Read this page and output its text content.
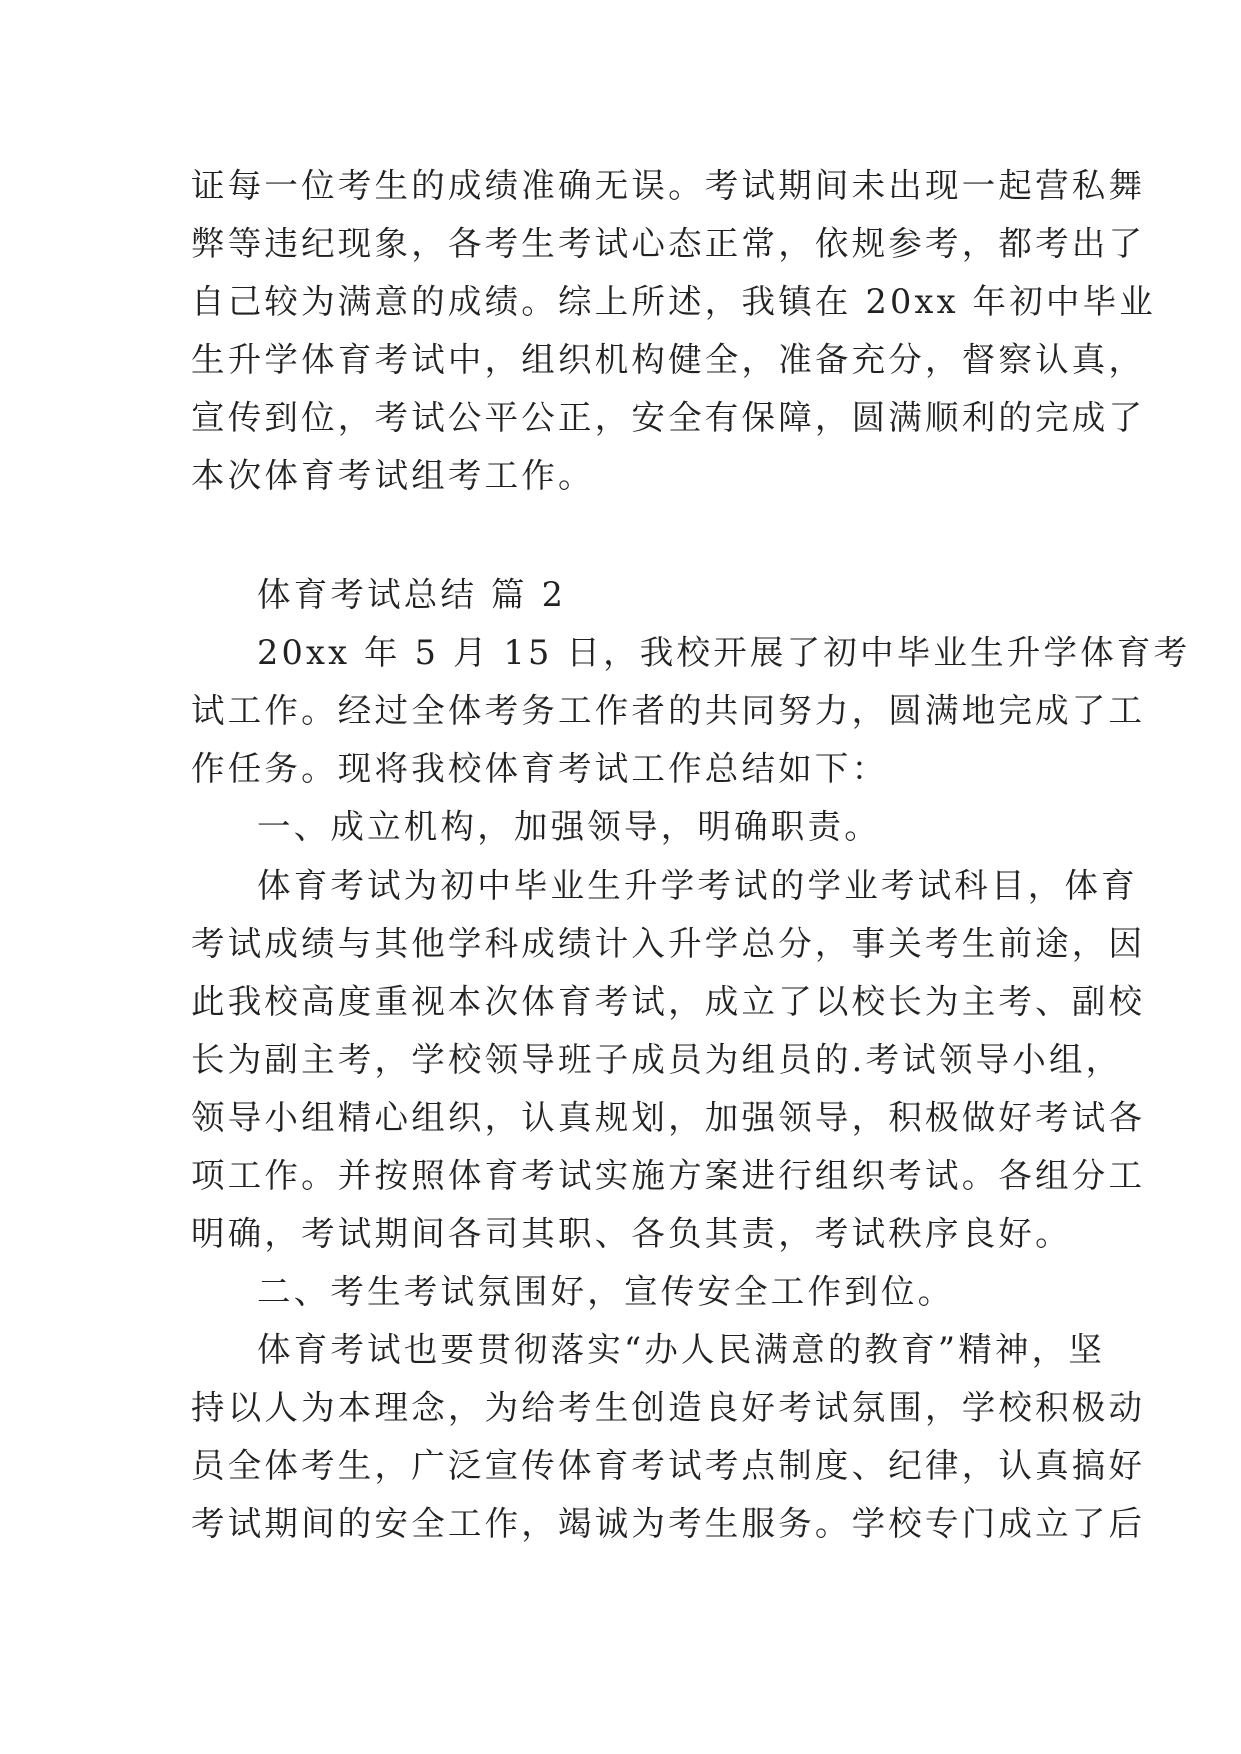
证每一位考生的成绩准确无误。考试期间未出现一起营私舞

弊等违纪现象，各考生考试心态正常，依规参考，都考出了

自己较为满意的成绩。综上所述，我镇在 20xx 年初中毕业

生升学体育考试中，组织机构健全，准备充分，督察认真，

宣传到位，考试公平公正，安全有保障，圆满顺利的完成了

本次体育考试组考工作。

体育考试总结 篇 2

20xx 年 5 月 15 日，我校开展了初中毕业生升学体育考

试工作。经过全体考务工作者的共同努力，圆满地完成了工

作任务。现将我校体育考试工作总结如下：

一、成立机构，加强领导，明确职责。

体育考试为初中毕业生升学考试的学业考试科目，体育

考试成绩与其他学科成绩计入升学总分，事关考生前途，因

此我校高度重视本次体育考试，成立了以校长为主考、副校

长为副主考，学校领导班子成员为组员的.考试领导小组，

领导小组精心组织，认真规划，加强领导，积极做好考试各

项工作。并按照体育考试实施方案进行组织考试。各组分工

明确，考试期间各司其职、各负其责，考试秩序良好。

二、考生考试氛围好，宣传安全工作到位。

体育考试也要贯彻落实“办人民满意的教育”精神，坚

持以人为本理念，为给考生创造良好考试氛围，学校积极动

员全体考生，广泛宣传体育考试考点制度、纪律，认真搞好

考试期间的安全工作，竭诚为考生服务。学校专门成立了后
